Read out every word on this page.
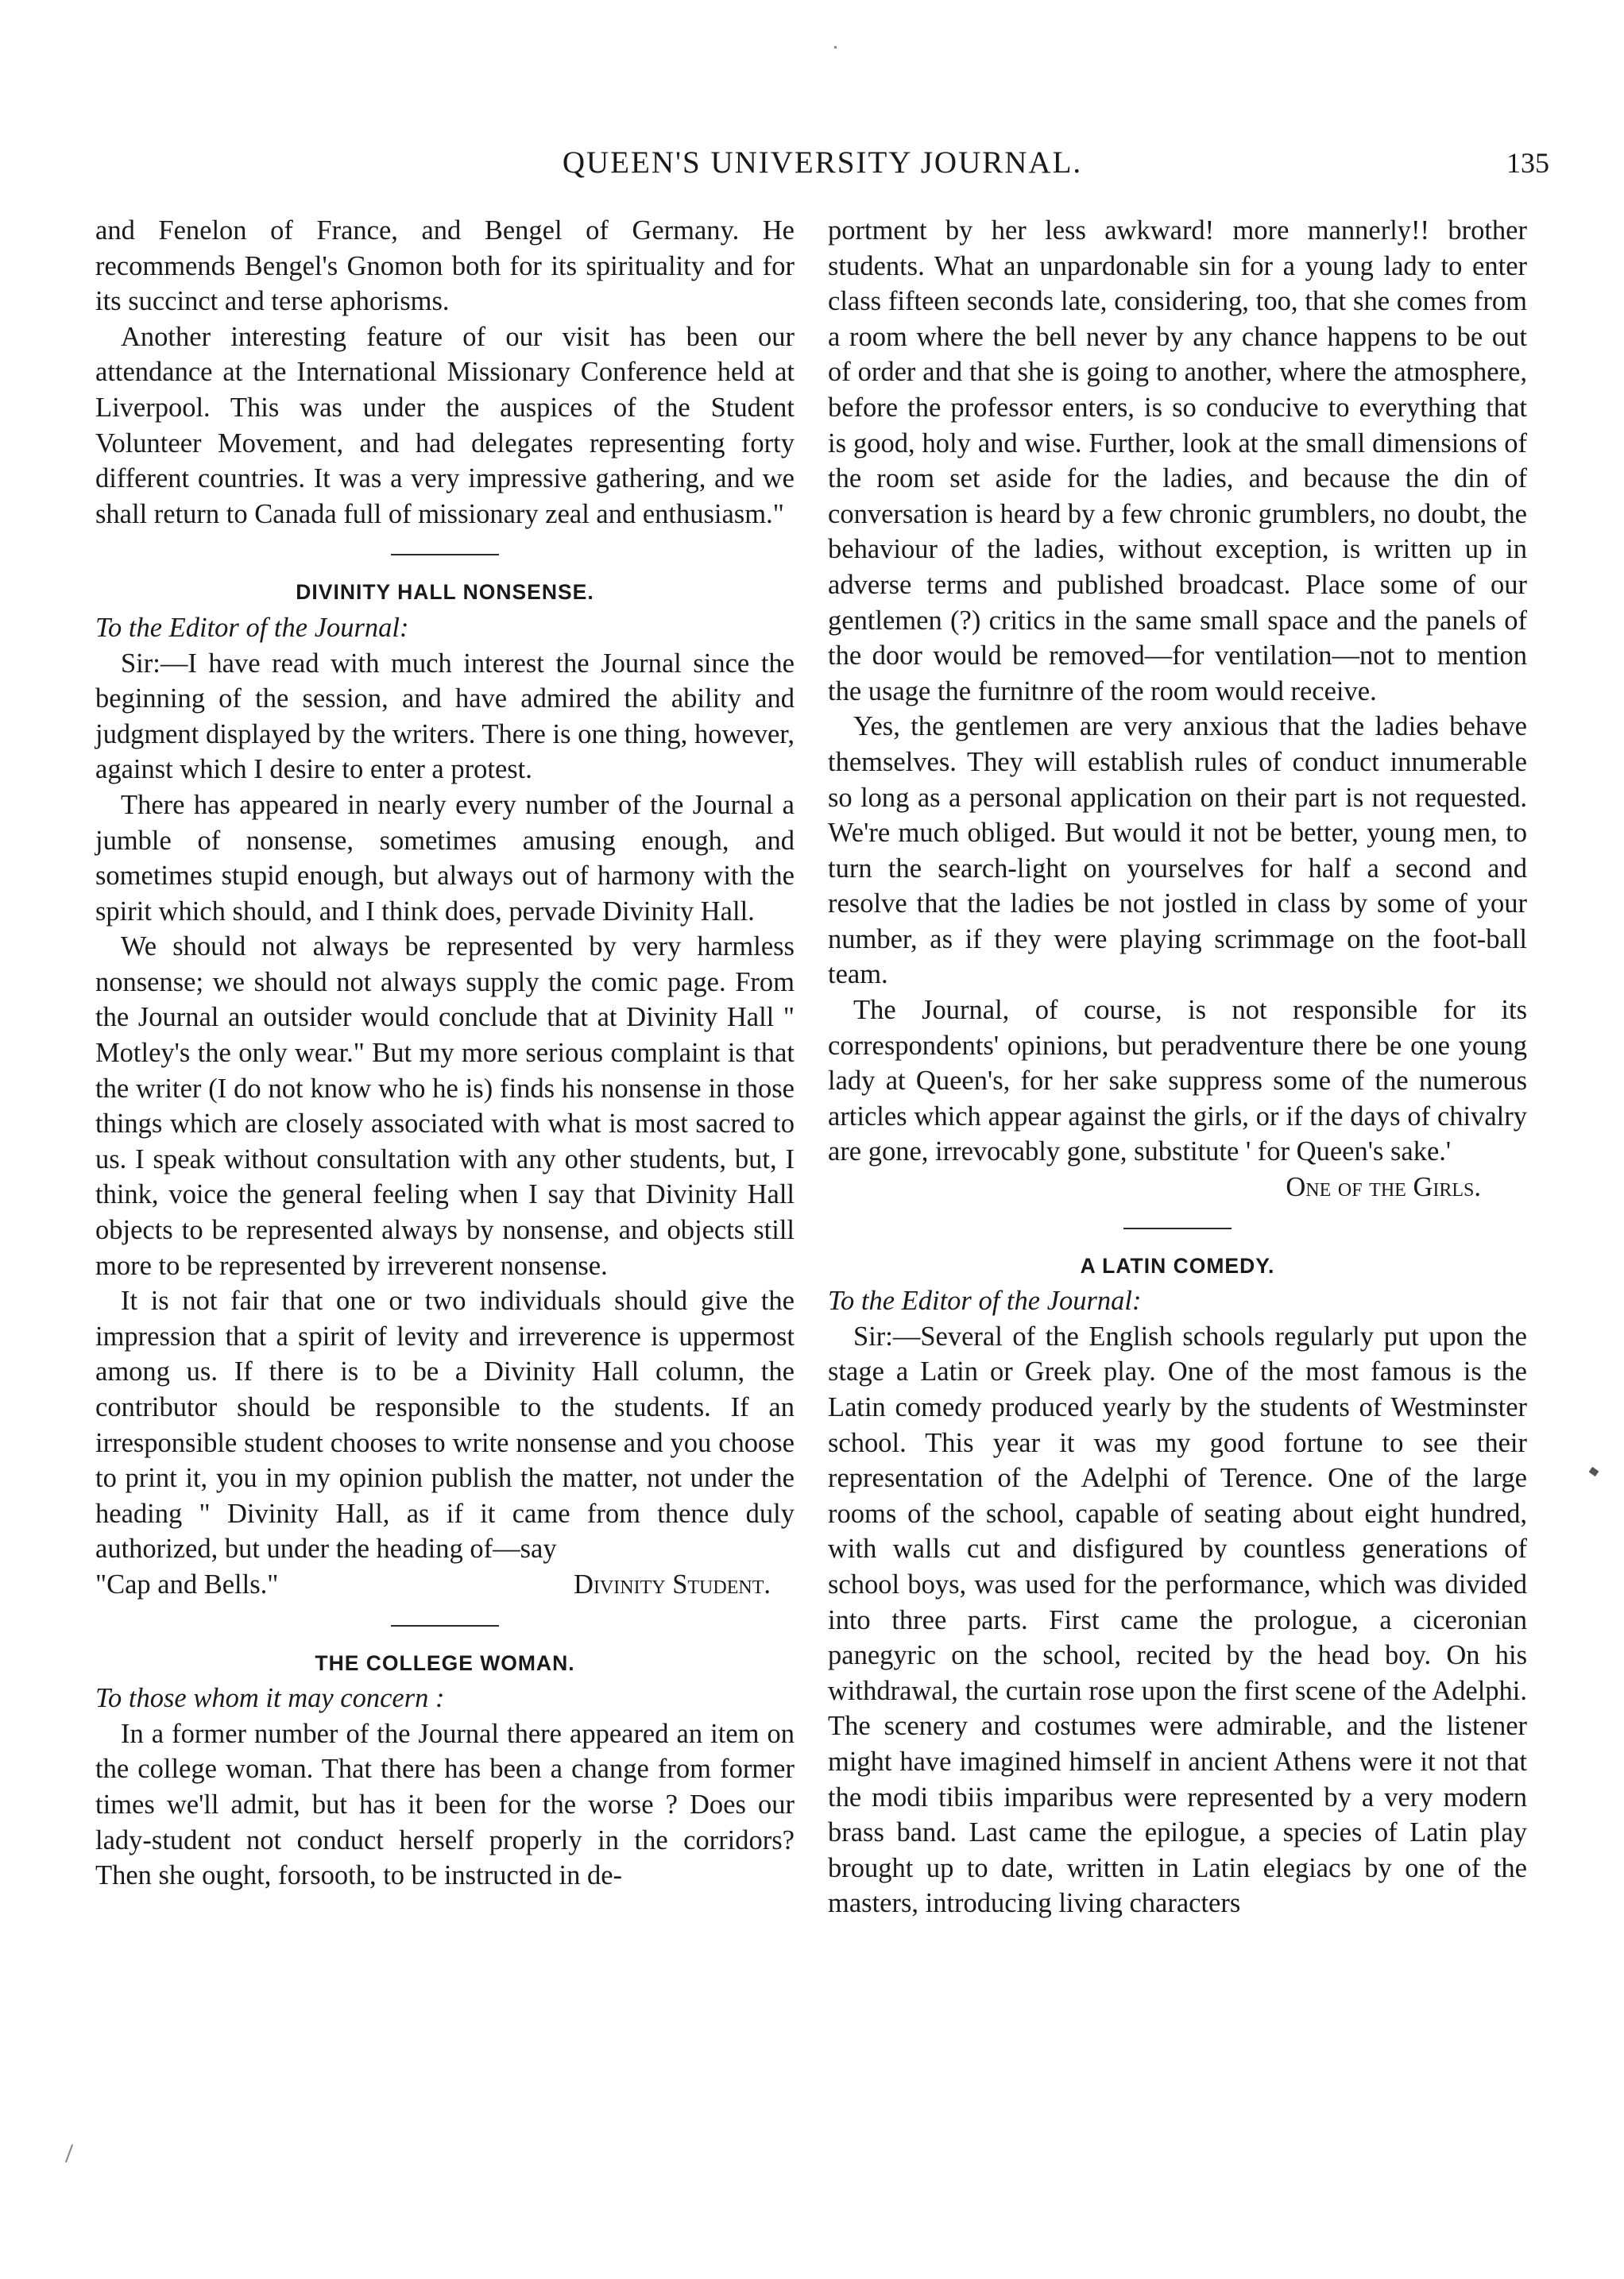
QUEEN'S UNIVERSITY JOURNAL.	135

and Fenelon of France, and Bengel of Germany. He recommends Bengel's Gnomon both for its spirituality and for its succinct and terse aphorisms.

Another interesting feature of our visit has been our attendance at the International Missionary Conference held at Liverpool. This was under the auspices of the Student Volunteer Movement, and had delegates representing forty different countries. It was a very impressive gathering, and we shall return to Canada full of missionary zeal and enthusiasm."

DIVINITY HALL NONSENSE.

To the Editor of the Journal:

Sir:—I have read with much interest the Journal since the beginning of the session, and have admired the ability and judgment displayed by the writers. There is one thing, however, against which I desire to enter a protest.

There has appeared in nearly every number of the Journal a jumble of nonsense, sometimes amusing enough, and sometimes stupid enough, but always out of harmony with the spirit which should, and I think does, pervade Divinity Hall.

We should not always be represented by very harmless nonsense; we should not always supply the comic page. From the Journal an outsider would conclude that at Divinity Hall " Motley's the only wear." But my more serious complaint is that the writer (I do not know who he is) finds his nonsense in those things which are closely associated with what is most sacred to us. I speak without consultation with any other students, but, I think, voice the general feeling when I say that Divinity Hall objects to be represented always by nonsense, and objects still more to be represented by irreverent nonsense.

It is not fair that one or two individuals should give the impression that a spirit of levity and irreverence is uppermost among us. If there is to be a Divinity Hall column, the contributor should be responsible to the students. If an irresponsible student chooses to write nonsense and you choose to print it, you in my opinion publish the matter, not under the heading " Divinity Hall, as if it came from thence duly authorized, but under the heading of—say

"Cap and Bells."	Divinity Student.

THE COLLEGE WOMAN.

To those whom it may concern :

In a former number of the Journal there appeared an item on the college woman. That there has been a change from former times we'll admit, but has it been for the worse ? Does our lady-student not conduct herself properly in the corridors? Then she ought, forsooth, to be instructed in de-

portment by her less awkward! more mannerly!! brother students. What an unpardonable sin for a young lady to enter class fifteen seconds late, considering, too, that she comes from a room where the bell never by any chance happens to be out of order and that she is going to another, where the atmosphere, before the professor enters, is so conducive to everything that is good, holy and wise. Further, look at the small dimensions of the room set aside for the ladies, and because the din of conversation is heard by a few chronic grumblers, no doubt, the behaviour of the ladies, without exception, is written up in adverse terms and published broadcast. Place some of our gentlemen (?) critics in the same small space and the panels of the door would be removed—for ventilation—not to mention the usage the furnitnre of the room would receive.

Yes, the gentlemen are very anxious that the ladies behave themselves. They will establish rules of conduct innumerable so long as a personal application on their part is not requested. We're much obliged. But would it not be better, young men, to turn the search-light on yourselves for half a second and resolve that the ladies be not jostled in class by some of your number, as if they were playing scrimmage on the foot-ball team.

The Journal, of course, is not responsible for its correspondents' opinions, but peradventure there be one young lady at Queen's, for her sake suppress some of the numerous articles which appear against the girls, or if the days of chivalry are gone, irrevocably gone, substitute ' for Queen's sake.'

One of the Girls.

A LATIN COMEDY.

To the Editor of the Journal:

Sir:—Several of the English schools regularly put upon the stage a Latin or Greek play. One of the most famous is the Latin comedy produced yearly by the students of Westminster school. This year it was my good fortune to see their representation of the Adelphi of Terence. One of the large rooms of the school, capable of seating about eight hundred, with walls cut and disfigured by countless generations of school boys, was used for the performance, which was divided into three parts. First came the prologue, a ciceronian panegyric on the school, recited by the head boy. On his withdrawal, the curtain rose upon the first scene of the Adelphi. The scenery and costumes were admirable, and the listener might have imagined himself in ancient Athens were it not that the modi tibiis imparibus were represented by a very modern brass band. Last came the epilogue, a species of Latin play brought up to date, written in Latin elegiacs by one of the masters, introducing living characters
